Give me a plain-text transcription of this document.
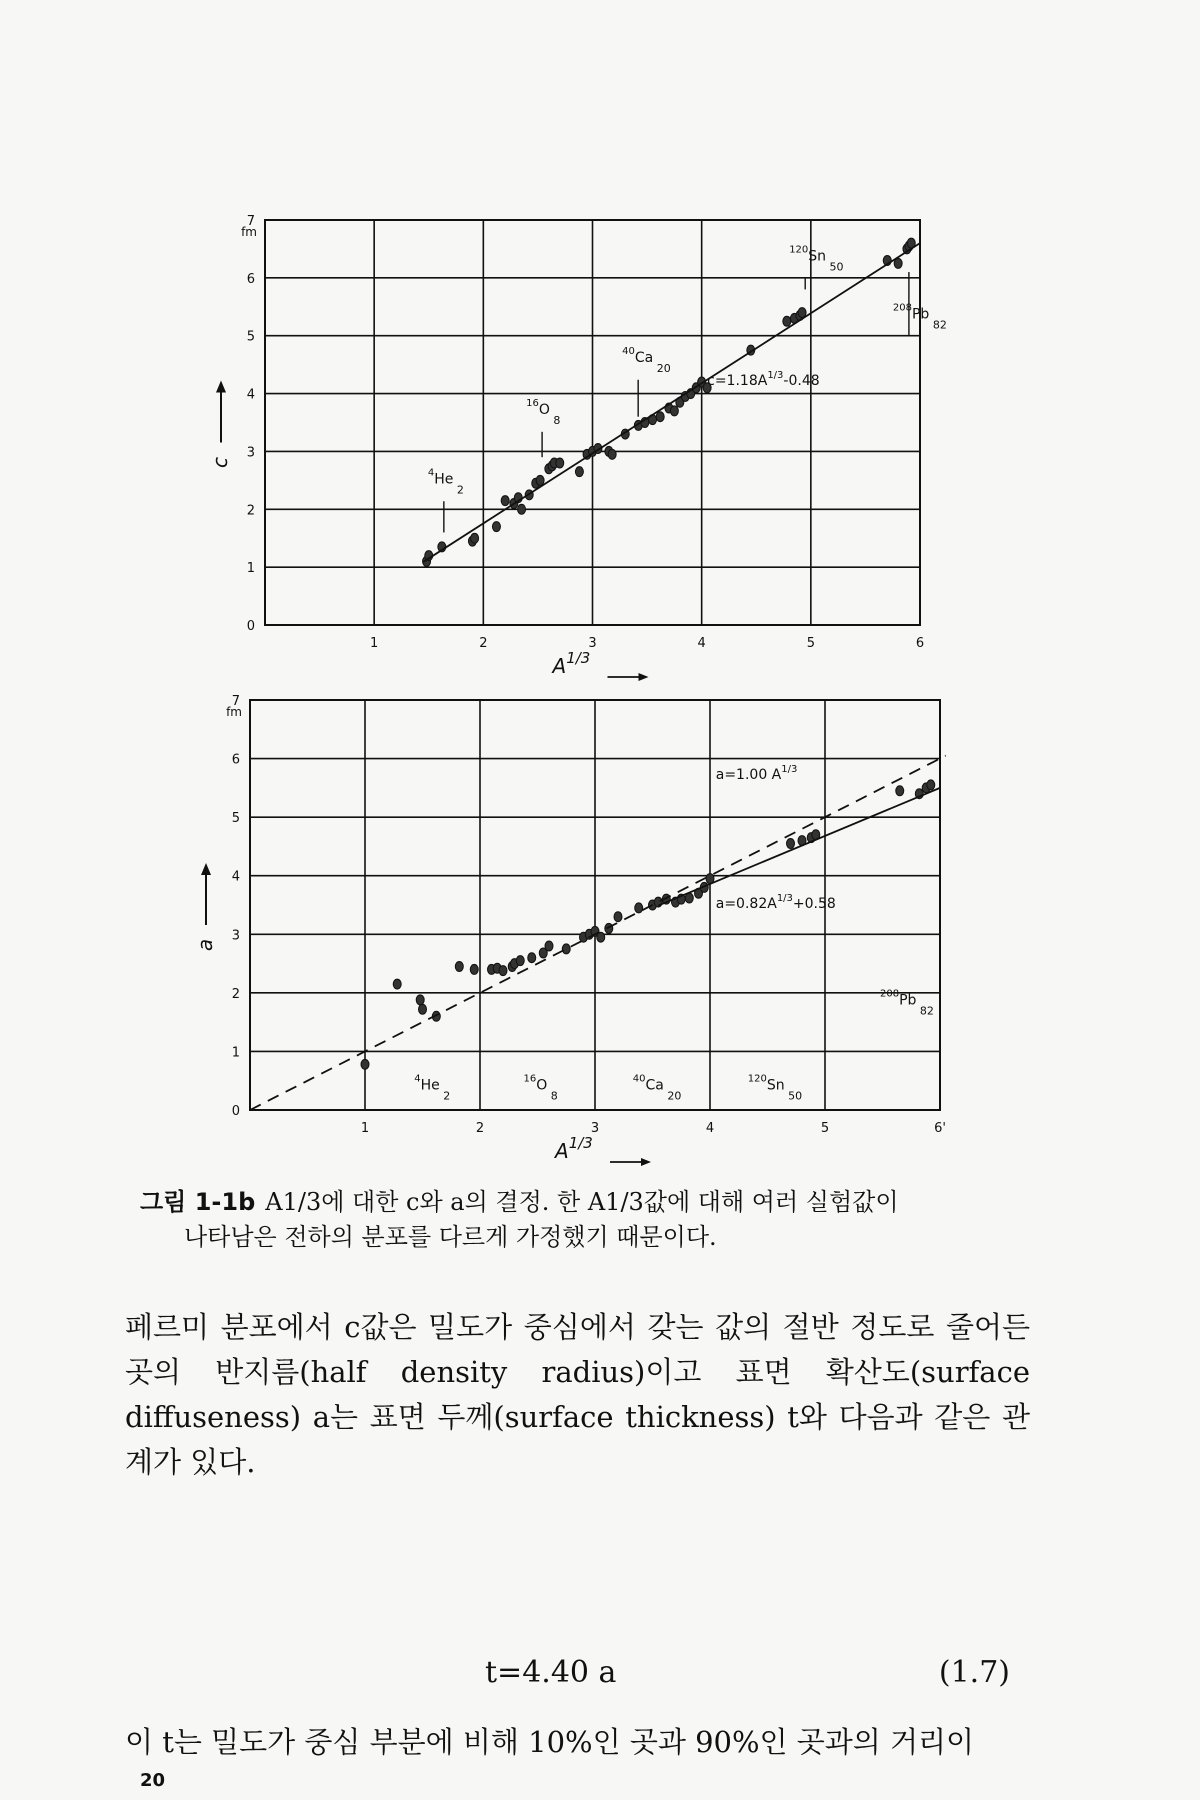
0
1
2
3
4
5
6
7
fm
1	2	3	4	5	6
c
$A^{1/3}$
$^4$He $_2$
$^{16}$O $_8$
$^{40}$Ca $_{20}$
$^{120}$Sn $_{50}$
$^{208}$Pb $_{82}$
$c=1.18A^{1/3}-0.48$
0
1
2
3
4
5
6
7
fm
1	2	3	4	5	6'
a
$A^{1/3}$
$^4$He $_2$
$^{16}$O $_8$
$^{40}$Ca $_{20}$
$^{120}$Sn $_{50}$
$^{208}$Pb $_{82}$
a=1.00 $A^{1/3}$
$a=0.82A^{1/3}+0.58$
그림 1-1b A1/3에 대한 c와 a의 결정. 한 A1/3값에 대해 여러 실험값이
나타남은 전하의 분포를 다르게 가정했기 때문이다.
페르미 분포에서 c값은 밀도가 중심에서 갖는 값의 절반 정도로 줄어든 곳의 반지름(half density radius)이고 표면 확산도(surface diffuseness) a는 표면 두께(surface thickness) t와 다음과 같은 관계가 있다.
t=4.40 a	(1.7)
이 t는 밀도가 중심 부분에 비해 10%인 곳과 90%인 곳과의 거리이
20
